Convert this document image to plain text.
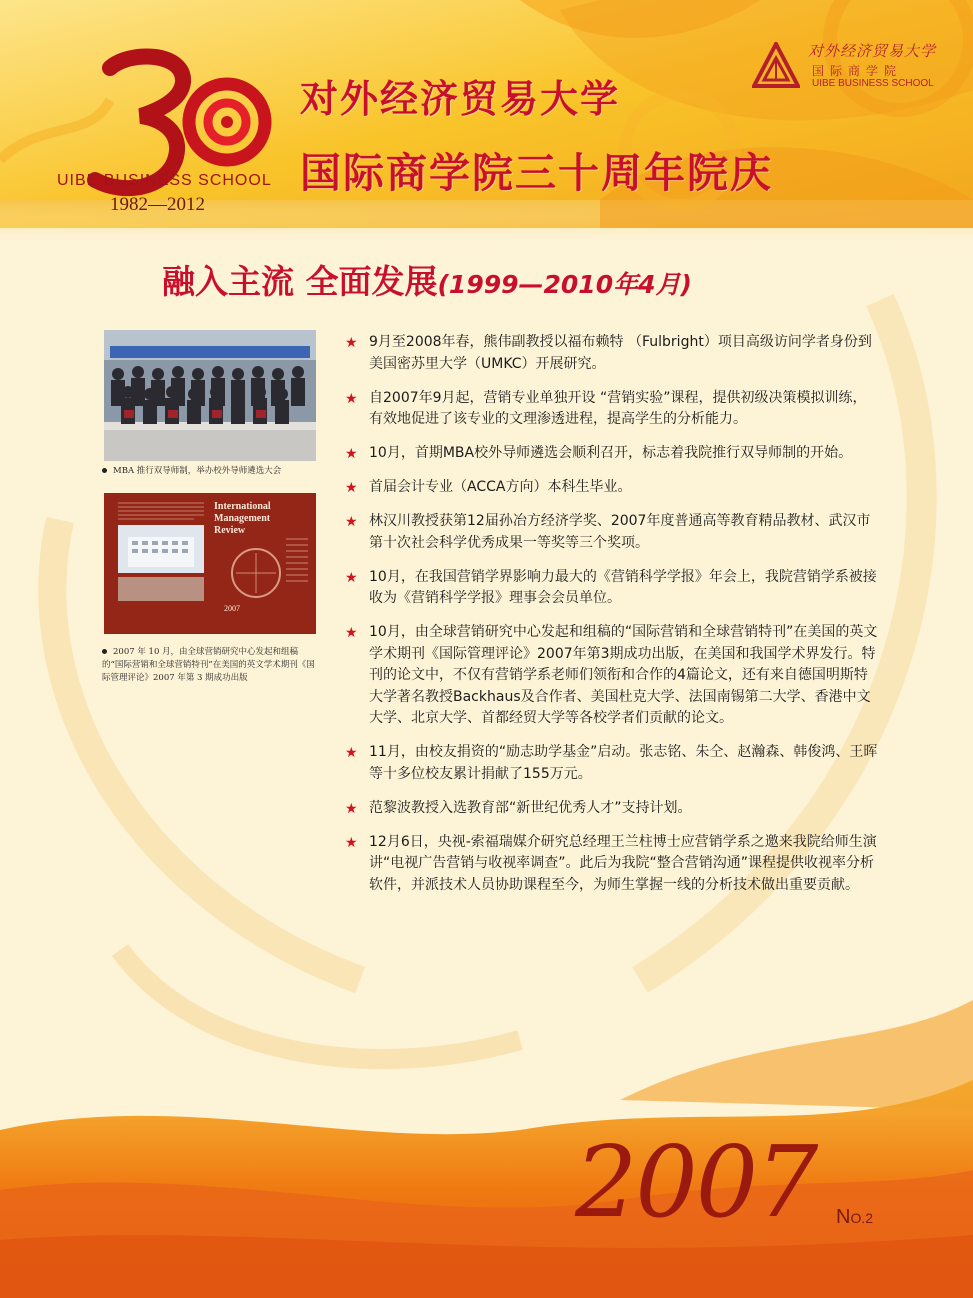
UIBE BUSINESS SCHOOL
1982—2012
对外经济贸易大学
国际商学院三十周年院庆
对外经济贸易大学
国际商学院
UIBE BUSINESS SCHOOL
融入主流 全面发展(1999—2010年4月)
MBA 推行双导师制，举办校外导师遴选大会
International
Management
Review
2007
2007 年 10 月，由全球营销研究中心发起和组稿的“国际营销和全球营销特刊”在美国的英文学术期刊《国际管理评论》2007 年第 3 期成功出版
★ 9月至2008年春，熊伟副教授以福布赖特 （Fulbright）项目高级访问学者身份到美国密苏里大学（UMKC）开展研究。
★ 自2007年9月起，营销专业单独开设 “营销实验”课程，提供初级决策模拟训练，有效地促进了该专业的文理渗透进程，提高学生的分析能力。
★ 10月，首期MBA校外导师遴选会顺利召开，标志着我院推行双导师制的开始。
★ 首届会计专业（ACCA方向）本科生毕业。
★ 林汉川教授获第12届孙冶方经济学奖、2007年度普通高等教育精品教材、武汉市第十次社会科学优秀成果一等奖等三个奖项。
★ 10月，在我国营销学界影响力最大的《营销科学学报》年会上，我院营销学系被接收为《营销科学学报》理事会会员单位。
★ 10月，由全球营销研究中心发起和组稿的“国际营销和全球营销特刊”在美国的英文学术期刊《国际管理评论》2007年第3期成功出版，在美国和我国学术界发行。特刊的论文中，不仅有营销学系老师们领衔和合作的4篇论文，还有来自德国明斯特大学著名教授Backhaus及合作者、美国杜克大学、法国南锡第二大学、香港中文大学、北京大学、首都经贸大学等各校学者们贡献的论文。
★ 11月，由校友捐资的“励志助学基金”启动。张志铭、朱仝、赵瀚森、韩俊鸿、王晖等十多位校友累计捐献了155万元。
★ 范黎波教授入选教育部“新世纪优秀人才”支持计划。
★ 12月6日，央视-索福瑞媒介研究总经理王兰柱博士应营销学系之邀来我院给师生演讲“电视广告营销与收视率调查”。此后为我院“整合营销沟通”课程提供收视率分析软件，并派技术人员协助课程至今，为师生掌握一线的分析技术做出重要贡献。
2007 NO.2
